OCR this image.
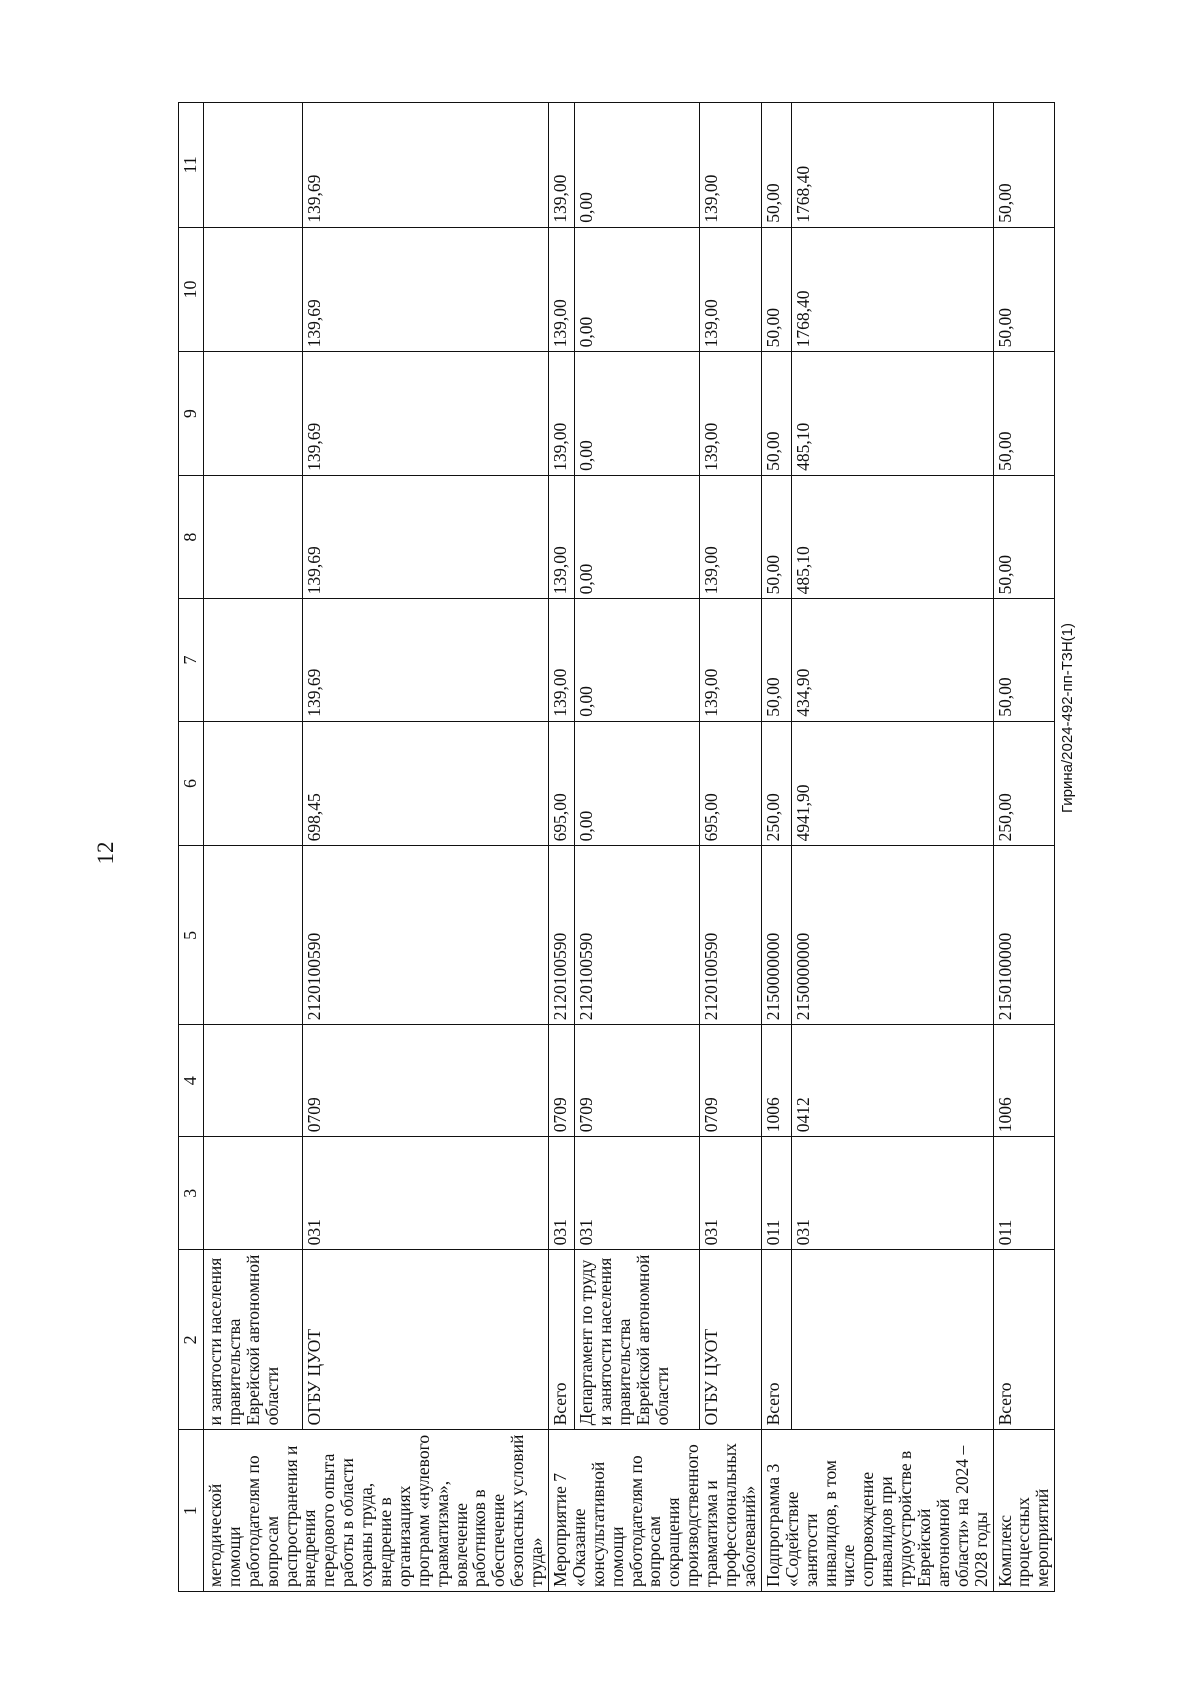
12
Гирина/2024-492-пп-ТЗН(1)
1	2	3	4	5	6	7	8	9	10	11
методической помощи работодателям по вопросам распространения и внедрения передового опыта работы в области охраны труда, внедрение в организациях программ «нулевого травматизма», вовлечение работников в обеспечение безопасных условий труда»	и занятости населения правительства Еврейской автономной области									
	ОГБУ ЦУОТ	031	0709	2120100590	698,45	139,69	139,69	139,69	139,69	139,69
Мероприятие 7 «Оказание консультативной помощи работодателям по вопросам сокращения производственного травматизма и профессиональных заболеваний»	Всего	031	0709	2120100590	695,00	139,00	139,00	139,00	139,00	139,00
	Департамент по труду и занятости населения правительства Еврейской автономной области	031	0709	2120100590	0,00	0,00	0,00	0,00	0,00	0,00
	ОГБУ ЦУОТ	031	0709	2120100590	695,00	139,00	139,00	139,00	139,00	139,00
Подпрограмма 3 «Содействие занятости инвалидов, в том числе сопровождение инвалидов при трудоустройстве в Еврейской автономной области» на 2024 – 2028 годы	Всего	011	1006	2150000000	250,00	50,00	50,00	50,00	50,00	50,00
		031	0412	2150000000	4941,90	434,90	485,10	485,10	1768,40	1768,40
Комплекс процессных мероприятий	Всего	011	1006	2150100000	250,00	50,00	50,00	50,00	50,00	50,00
